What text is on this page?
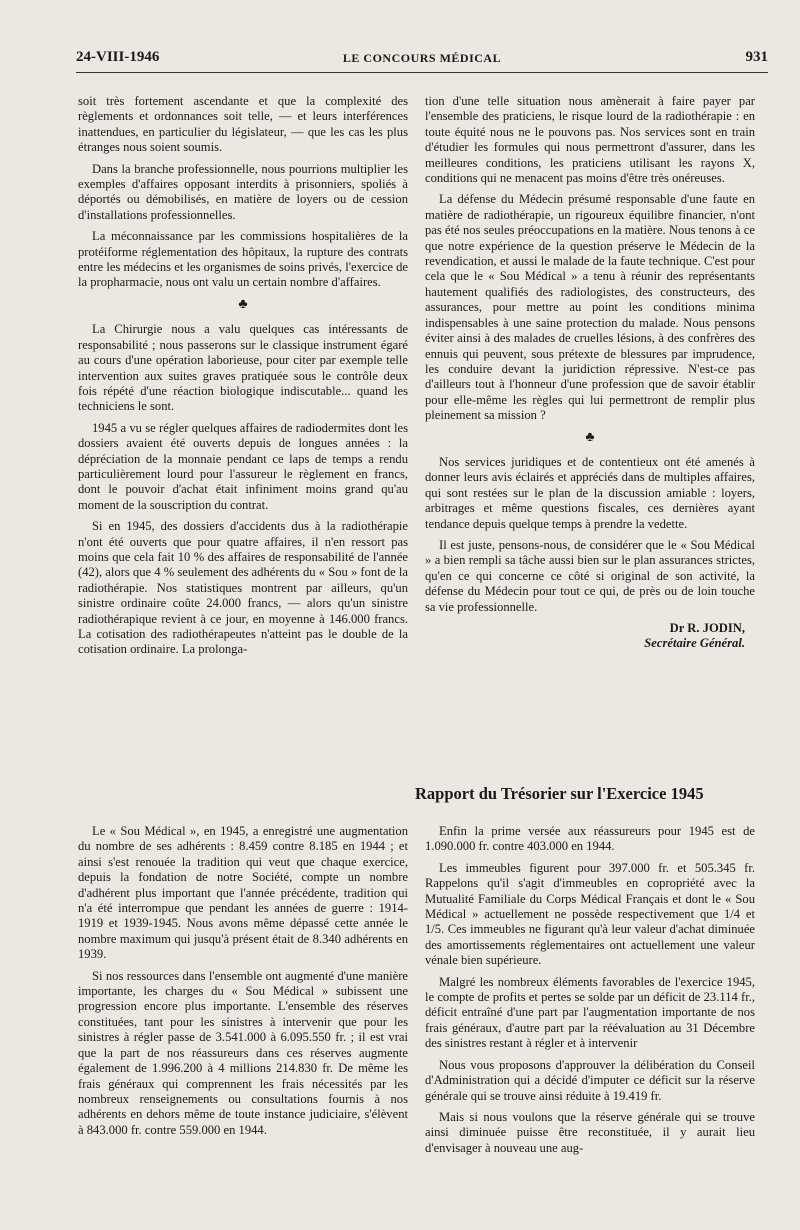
24-VIII-1946	LE CONCOURS MÉDICAL	931

soit très fortement ascendante et que la complexité des règlements et ordonnances soit telle, — et leurs interférences inattendues, en particulier du législateur, — que les cas les plus étranges nous soient soumis.

Dans la branche professionnelle, nous pourrions multiplier les exemples d'affaires opposant interdits à prisonniers, spoliés à déportés ou démobilisés, en matière de loyers ou de cession d'installations professionnelles.

La méconnaissance par les commissions hospitalières de la protéiforme réglementation des hôpitaux, la rupture des contrats entre les médecins et les organismes de soins privés, l'exercice de la propharmacie, nous ont valu un certain nombre d'affaires.

♣

La Chirurgie nous a valu quelques cas intéressants de responsabilité ; nous passerons sur le classique instrument égaré au cours d'une opération laborieuse, pour citer par exemple telle intervention aux suites graves pratiquée sous le contrôle deux fois répété d'une réaction biologique indiscutable... quand les techniciens le sont.

1945 a vu se régler quelques affaires de radiodermites dont les dossiers avaient été ouverts depuis de longues années : la dépréciation de la monnaie pendant ce laps de temps a rendu particulièrement lourd pour l'assureur le règlement en francs, dont le pouvoir d'achat était infiniment moins grand qu'au moment de la souscription du contrat.

Si en 1945, des dossiers d'accidents dus à la radiothérapie n'ont été ouverts que pour quatre affaires, il n'en ressort pas moins que cela fait 10 % des affaires de responsabilité de l'année (42), alors que 4 % seulement des adhérents du « Sou » font de la radiothérapie. Nos statistiques montrent par ailleurs, qu'un sinistre ordinaire coûte 24.000 francs, — alors qu'un sinistre radiothérapique revient à ce jour, en moyenne à 146.000 francs. La cotisation des radiothérapeutes n'atteint pas le double de la cotisation ordinaire. La prolonga-

tion d'une telle situation nous amènerait à faire payer par l'ensemble des praticiens, le risque lourd de la radiothérapie : en toute équité nous ne le pouvons pas. Nos services sont en train d'étudier les formules qui nous permettront d'assurer, dans les meilleures conditions, les praticiens utilisant les rayons X, conditions qui ne menacent pas moins d'être très onéreuses.

La défense du Médecin présumé responsable d'une faute en matière de radiothérapie, un rigoureux équilibre financier, n'ont pas été nos seules préoccupations en la matière. Nous tenons à ce que notre expérience de la question préserve le Médecin de la revendication, et aussi le malade de la faute technique. C'est pour cela que le « Sou Médical » a tenu à réunir des représentants hautement qualifiés des radiologistes, des constructeurs, des assurances, pour mettre au point les conditions minima indispensables à une saine protection du malade. Nous pensons éviter ainsi à des malades de cruelles lésions, à des confrères des ennuis qui peuvent, sous prétexte de blessures par imprudence, les conduire devant la juridiction répressive. N'est-ce pas d'ailleurs tout à l'honneur d'une profession que de savoir établir pour elle-même les règles qui lui permettront de remplir plus pleinement sa mission ?

♣

Nos services juridiques et de contentieux ont été amenés à donner leurs avis éclairés et appréciés dans de multiples affaires, qui sont restées sur le plan de la discussion amiable : loyers, arbitrages et même questions fiscales, ces dernières ayant tendance depuis quelque temps à prendre la vedette.

Il est juste, pensons-nous, de considérer que le « Sou Médical » a bien rempli sa tâche aussi bien sur le plan assurances strictes, qu'en ce qui concerne ce côté si original de son activité, la défense du Médecin pour tout ce qui, de près ou de loin touche sa vie professionnelle.

Dr R. JODIN,
Secrétaire Général.
Rapport du Trésorier sur l'Exercice 1945

Le « Sou Médical », en 1945, a enregistré une augmentation du nombre de ses adhérents : 8.459 contre 8.185 en 1944 ; et ainsi s'est renouée la tradition qui veut que chaque exercice, depuis la fondation de notre Société, compte un nombre d'adhérent plus important que l'année précédente, tradition qui n'a été interrompue que pendant les années de guerre : 1914-1919 et 1939-1945. Nous avons même dépassé cette année le nombre maximum qui jusqu'à présent était de 8.340 adhérents en 1939.

Si nos ressources dans l'ensemble ont augmenté d'une manière importante, les charges du « Sou Médical » subissent une progression encore plus importante. L'ensemble des réserves constituées, tant pour les sinistres à intervenir que pour les sinistres à régler passe de 3.541.000 à 6.095.550 fr. ; il est vrai que la part de nos réassureurs dans ces réserves augmente également de 1.996.200 à 4 millions 214.830 fr. De même les frais généraux qui comprennent les frais nécessités par les nombreux renseignements ou consultations fournis à nos adhérents en dehors même de toute instance judiciaire, s'élèvent à 843.000 fr. contre 559.000 en 1944.

Enfin la prime versée aux réassureurs pour 1945 est de 1.090.000 fr. contre 403.000 en 1944.

Les immeubles figurent pour 397.000 fr. et 505.345 fr. Rappelons qu'il s'agit d'immeubles en copropriété avec la Mutualité Familiale du Corps Médical Français et dont le « Sou Médical » actuellement ne possède respectivement que 1/4 et 1/5. Ces immeubles ne figurant qu'à leur valeur d'achat diminuée des amortissements réglementaires ont actuellement une valeur vénale bien supérieure.

Malgré les nombreux éléments favorables de l'exercice 1945, le compte de profits et pertes se solde par un déficit de 23.114 fr., déficit entraîné d'une part par l'augmentation importante de nos frais généraux, d'autre part par la réévaluation au 31 Décembre des sinistres restant à régler et à intervenir

Nous vous proposons d'approuver la délibération du Conseil d'Administration qui a décidé d'imputer ce déficit sur la réserve générale qui se trouve ainsi réduite à 19.419 fr.

Mais si nous voulons que la réserve générale qui se trouve ainsi diminuée puisse être reconstituée, il y aurait lieu d'envisager à nouveau une aug-
